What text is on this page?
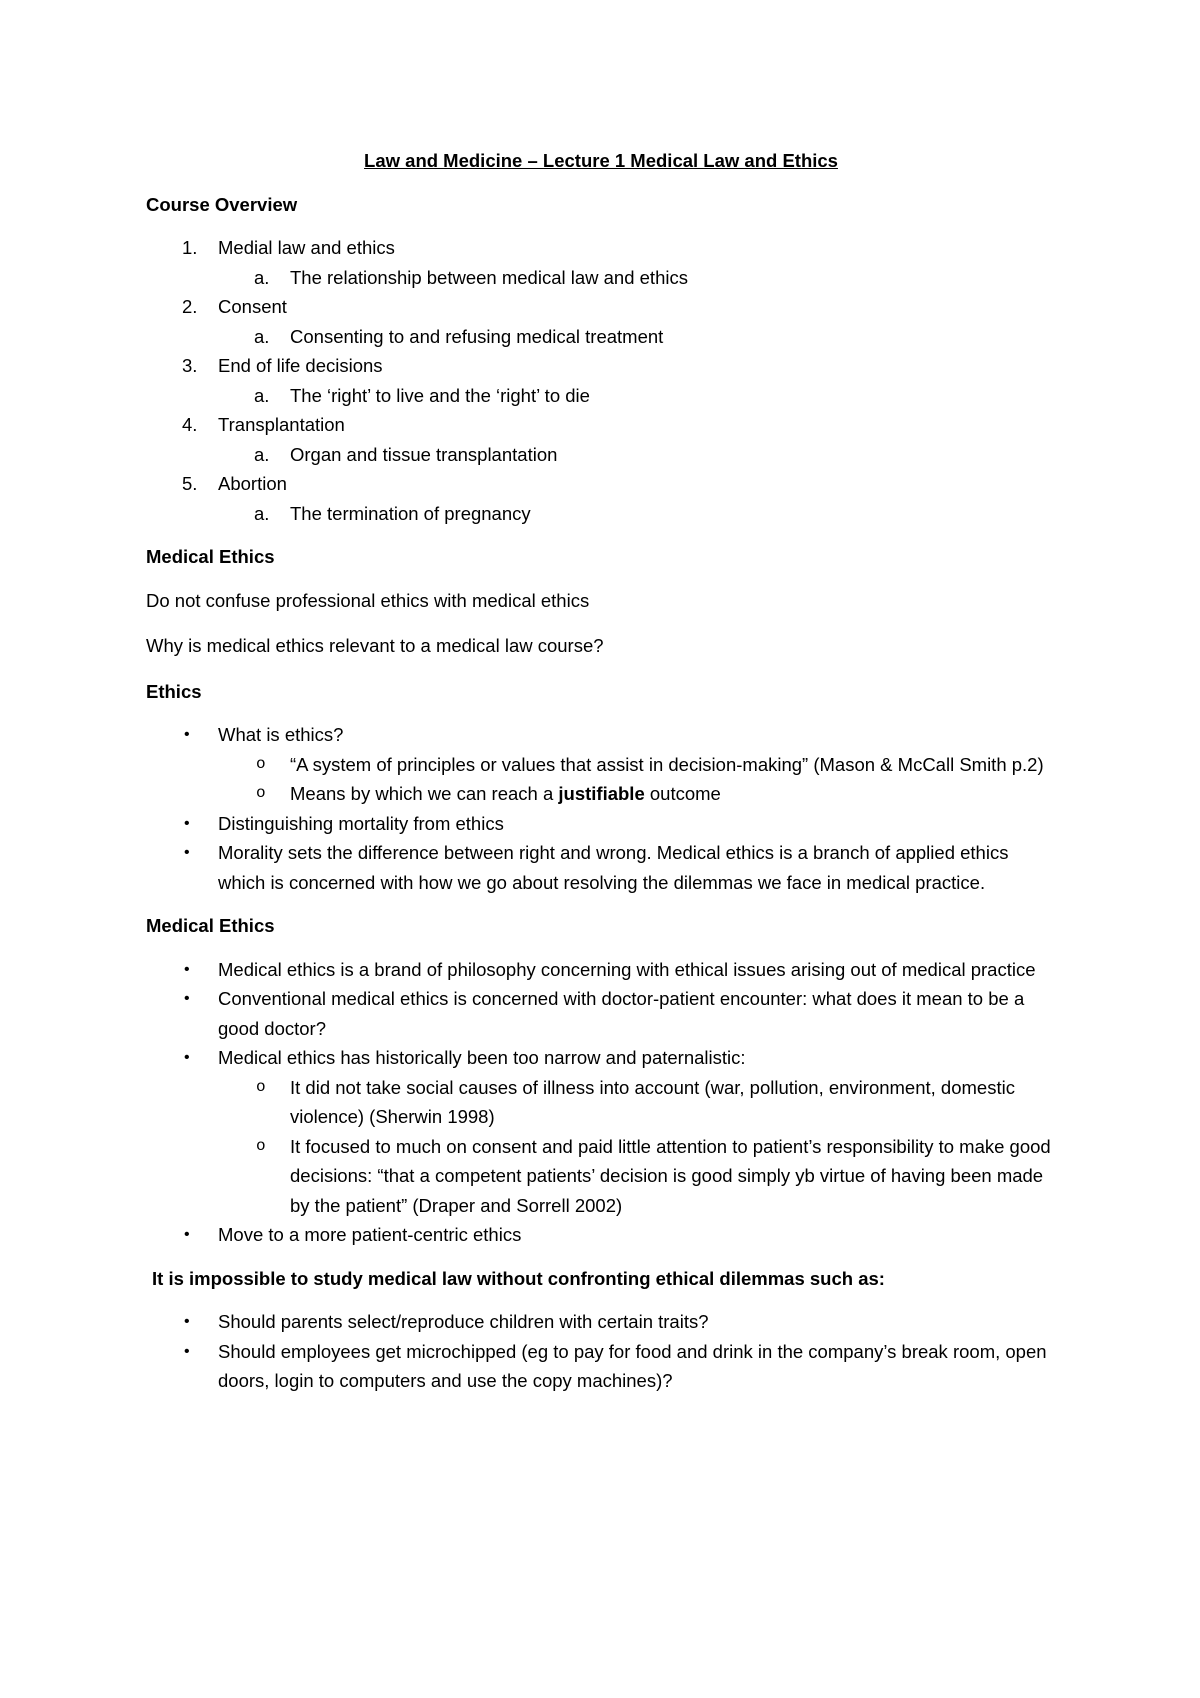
Law and Medicine – Lecture 1 Medical Law and Ethics
Course Overview
1. Medial law and ethics
a. The relationship between medical law and ethics
2. Consent
a. Consenting to and refusing medical treatment
3. End of life decisions
a. The ‘right’ to live and the ‘right’ to die
4. Transplantation
a. Organ and tissue transplantation
5. Abortion
a. The termination of pregnancy
Medical Ethics

Do not confuse professional ethics with medical ethics

Why is medical ethics relevant to a medical law course?

Ethics
• What is ethics?
o “A system of principles or values that assist in decision-making” (Mason & McCall Smith p.2)
o Means by which we can reach a justifiable outcome
• Distinguishing mortality from ethics
• Morality sets the difference between right and wrong. Medical ethics is a branch of applied ethics which is concerned with how we go about resolving the dilemmas we face in medical practice.
Medical Ethics
• Medical ethics is a brand of philosophy concerning with ethical issues arising out of medical practice
• Conventional medical ethics is concerned with doctor-patient encounter: what does it mean to be a good doctor?
• Medical ethics has historically been too narrow and paternalistic:
o It did not take social causes of illness into account (war, pollution, environment, domestic violence) (Sherwin 1998)
o It focused to much on consent and paid little attention to patient’s responsibility to make good decisions: “that a competent patients’ decision is good simply yb virtue of having been made by the patient” (Draper and Sorrell 2002)
• Move to a more patient-centric ethics
It is impossible to study medical law without confronting ethical dilemmas such as:
• Should parents select/reproduce children with certain traits?
• Should employees get microchipped (eg to pay for food and drink in the company’s break room, open doors, login to computers and use the copy machines)?
